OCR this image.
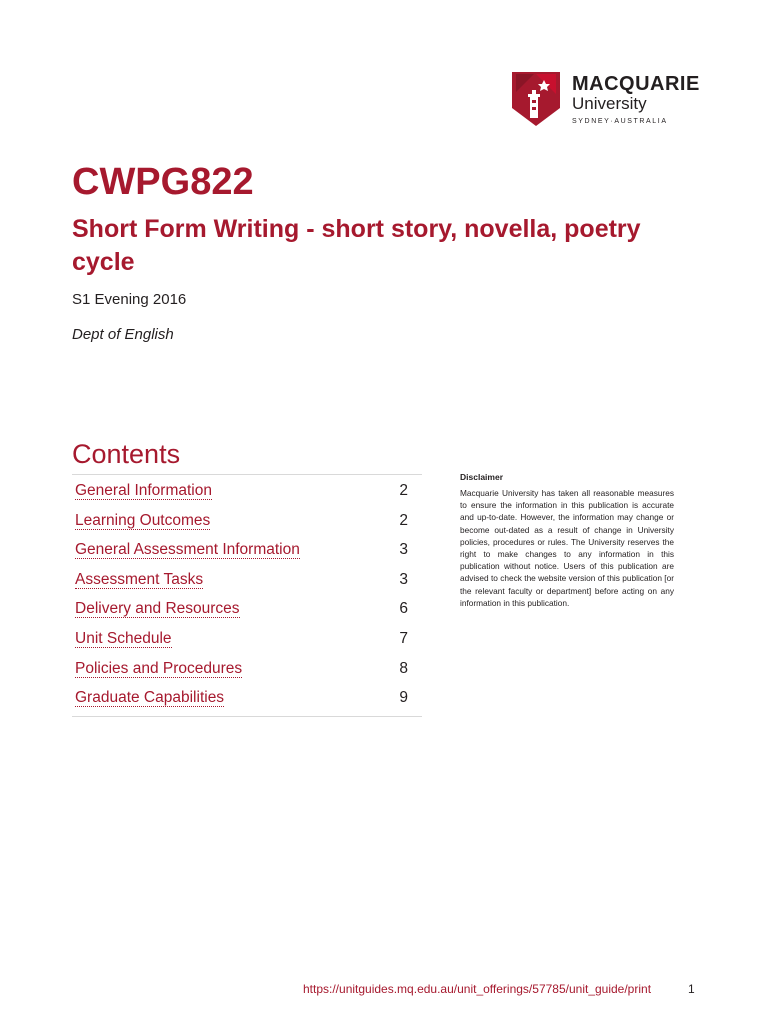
MACQUARIE
University
SYDNEY·AUSTRALIA
CWPG822
Short Form Writing - short story, novella, poetry cycle
S1 Evening 2016
Dept of English
Contents
General Information	2
Learning Outcomes	2
General Assessment Information	3
Assessment Tasks	3
Delivery and Resources	6
Unit Schedule	7
Policies and Procedures	8
Graduate Capabilities	9
Disclaimer

Macquarie University has taken all reasonable measures to ensure the information in this publication is accurate and up-to-date. However, the information may change or become out-dated as a result of change in University policies, procedures or rules. The University reserves the right to make changes to any information in this publication without notice. Users of this publication are advised to check the website version of this publication [or the relevant faculty or department] before acting on any information in this publication.

https://unitguides.mq.edu.au/unit_offerings/57785/unit_guide/print	1
